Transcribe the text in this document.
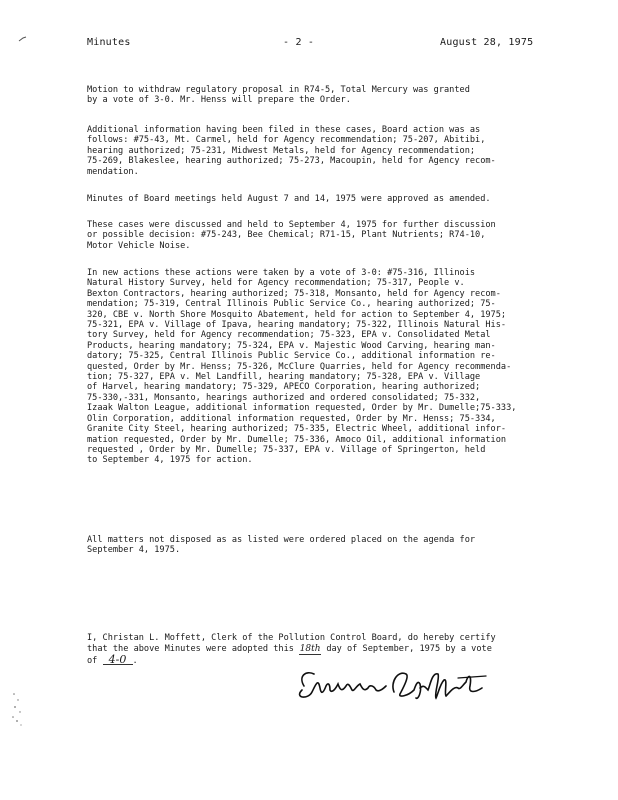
Minutes	- 2 -	August 28, 1975
Motion to withdraw regulatory proposal in R74-5, Total Mercury was granted
by a vote of 3-0. Mr. Henss will prepare the Order.
Additional information having been filed in these cases, Board action was as
follows: #75-43, Mt. Carmel, held for Agency recommendation; 75-207, Abitibi,
hearing authorized; 75-231, Midwest Metals, held for Agency recommendation;
75-269, Blakeslee, hearing authorized; 75-273, Macoupin, held for Agency recom-
mendation.
Minutes of Board meetings held August 7 and 14, 1975 were approved as amended.
These cases were discussed and held to September 4, 1975 for further discussion
or possible decision: #75-243, Bee Chemical; R71-15, Plant Nutrients; R74-10,
Motor Vehicle Noise.
In new actions these actions were taken by a vote of 3-0: #75-316, Illinois
Natural History Survey, held for Agency recommendation; 75-317, People v.
Bexton Contractors, hearing authorized; 75-318, Monsanto, held for Agency recom-
mendation; 75-319, Central Illinois Public Service Co., hearing authorized; 75-
320, CBE v. North Shore Mosquito Abatement, held for action to September 4, 1975;
75-321, EPA v. Village of Ipava, hearing mandatory; 75-322, Illinois Natural His-
tory Survey, held for Agency recommendation; 75-323, EPA v. Consolidated Metal
Products, hearing mandatory; 75-324, EPA v. Majestic Wood Carving, hearing man-
datory; 75-325, Central Illinois Public Service Co., additional information re-
quested, Order by Mr. Henss; 75-326, McClure Quarries, held for Agency recommenda-
tion; 75-327, EPA v. Mel Landfill, hearing mandatory; 75-328, EPA v. Village
of Harvel, hearing mandatory; 75-329, APECO Corporation, hearing authorized;
75-330,-331, Monsanto, hearings authorized and ordered consolidated; 75-332,
Izaak Walton League, additional information requested, Order by Mr. Dumelle;75-333,
Olin Corporation, additional information requested, Order by Mr. Henss; 75-334,
Granite City Steel, hearing authorized; 75-335, Electric Wheel, additional infor-
mation requested, Order by Mr. Dumelle; 75-336, Amoco Oil, additional information
requested , Order by Mr. Dumelle; 75-337, EPA v. Village of Springerton, held
to September 4, 1975 for action.
All matters not disposed as as listed were ordered placed on the agenda for
September 4, 1975.
I, Christan L. Moffett, Clerk of the Pollution Control Board, do hereby certify
that the above Minutes were adopted this 18th day of September, 1975 by a vote
of 4-0 .
